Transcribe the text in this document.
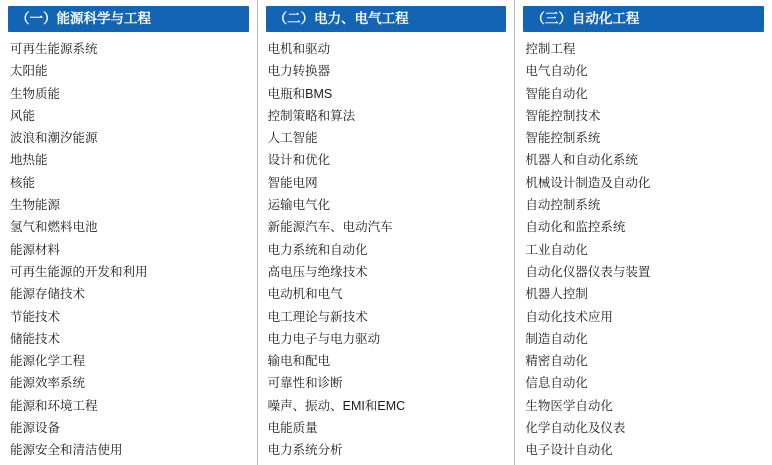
（一）能源科学与工程
可再生能源系统
太阳能
生物质能
风能
波浪和潮汐能源
地热能
核能
生物能源
氢气和燃料电池
能源材料
可再生能源的开发和利用
能源存储技术
节能技术
储能技术
能源化学工程
能源效率系统
能源和环境工程
能源设备
能源安全和清洁使用
（二）电力、电气工程
电机和驱动
电力转换器
电瓶和BMS
控制策略和算法
人工智能
设计和优化
智能电网
运输电气化
新能源汽车、电动汽车
电力系统和自动化
高电压与绝缘技术
电动机和电气
电工理论与新技术
电力电子与电力驱动
输电和配电
可靠性和诊断
噪声、振动、EMI和EMC
电能质量
电力系统分析
（三）自动化工程
控制工程
电气自动化
智能自动化
智能控制技术
智能控制系统
机器人和自动化系统
机械设计制造及自动化
自动控制系统
自动化和监控系统
工业自动化
自动化仪器仪表与装置
机器人控制
自动化技术应用
制造自动化
精密自动化
信息自动化
生物医学自动化
化学自动化及仪表
电子设计自动化
